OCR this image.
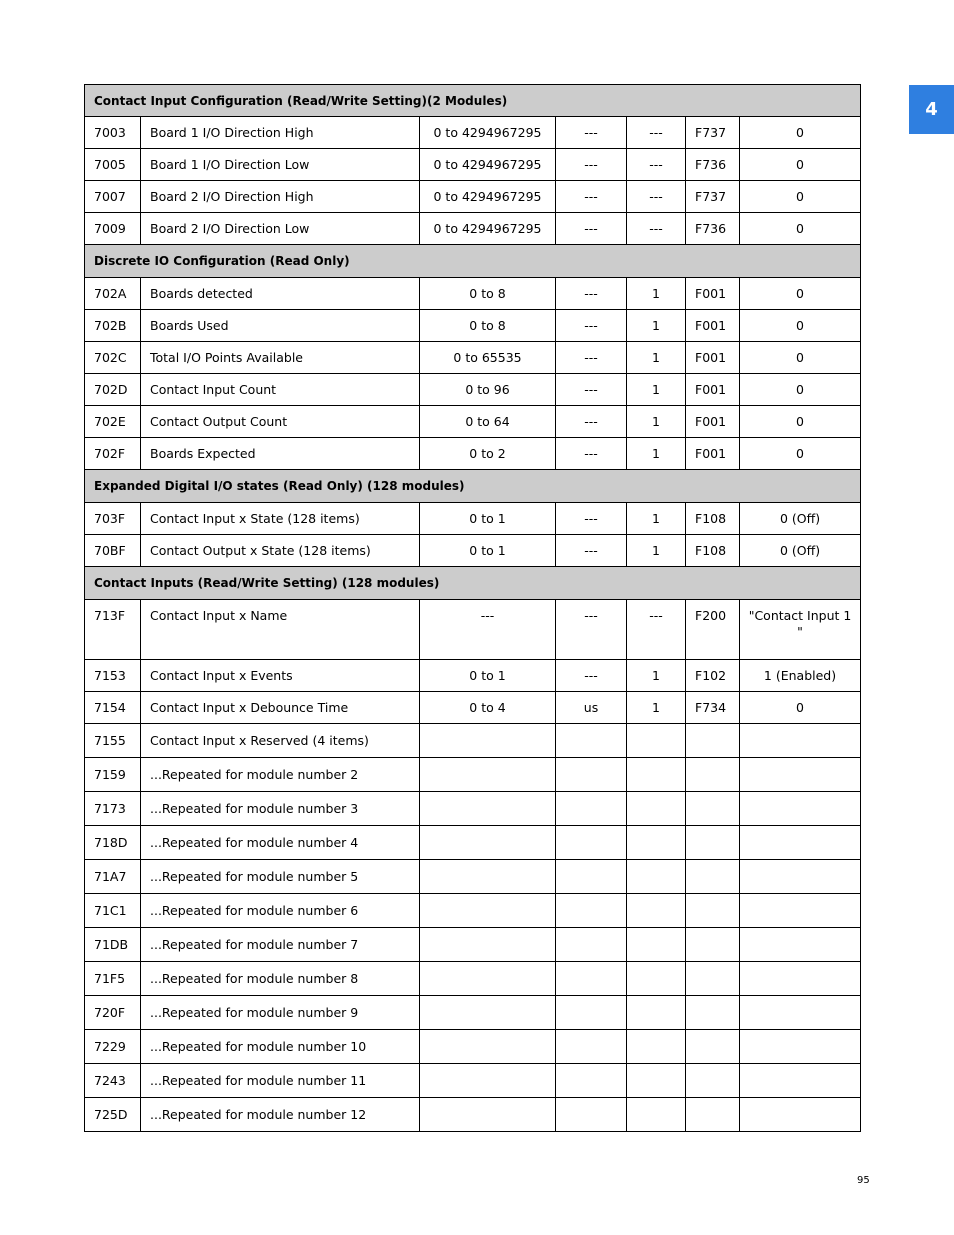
4
Contact Input Configuration (Read/Write Setting)(2 Modules)						
7003	Board 1 I/O Direction High	0 to 4294967295	---	---	F737	0
7005	Board 1 I/O Direction Low	0 to 4294967295	---	---	F736	0
7007	Board 2 I/O Direction High	0 to 4294967295	---	---	F737	0
7009	Board 2 I/O Direction Low	0 to 4294967295	---	---	F736	0
Discrete IO Configuration (Read Only)						
702A	Boards detected	0 to 8	---	1	F001	0
702B	Boards Used	0 to 8	---	1	F001	0
702C	Total I/O Points Available	0 to 65535	---	1	F001	0
702D	Contact Input Count	0 to 96	---	1	F001	0
702E	Contact Output Count	0 to 64	---	1	F001	0
702F	Boards Expected	0 to 2	---	1	F001	0
Expanded Digital I/O states (Read Only) (128 modules)						
703F	Contact Input x State (128 items)	0 to 1	---	1	F108	0 (Off)
70BF	Contact Output x State (128 items)	0 to 1	---	1	F108	0 (Off)
Contact Inputs (Read/Write Setting) (128 modules)						
713F	Contact Input x Name	---	---	---	F200	"Contact Input 1 "
7153	Contact Input x Events	0 to 1	---	1	F102	1 (Enabled)
7154	Contact Input x Debounce Time	0 to 4	us	1	F734	0
7155	Contact Input x Reserved (4 items)					
7159	...Repeated for module number 2					
7173	...Repeated for module number 3					
718D	...Repeated for module number 4					
71A7	...Repeated for module number 5					
71C1	...Repeated for module number 6					
71DB	...Repeated for module number 7					
71F5	...Repeated for module number 8					
720F	...Repeated for module number 9					
7229	...Repeated for module number 10					
7243	...Repeated for module number 11					
725D	...Repeated for module number 12					
95
